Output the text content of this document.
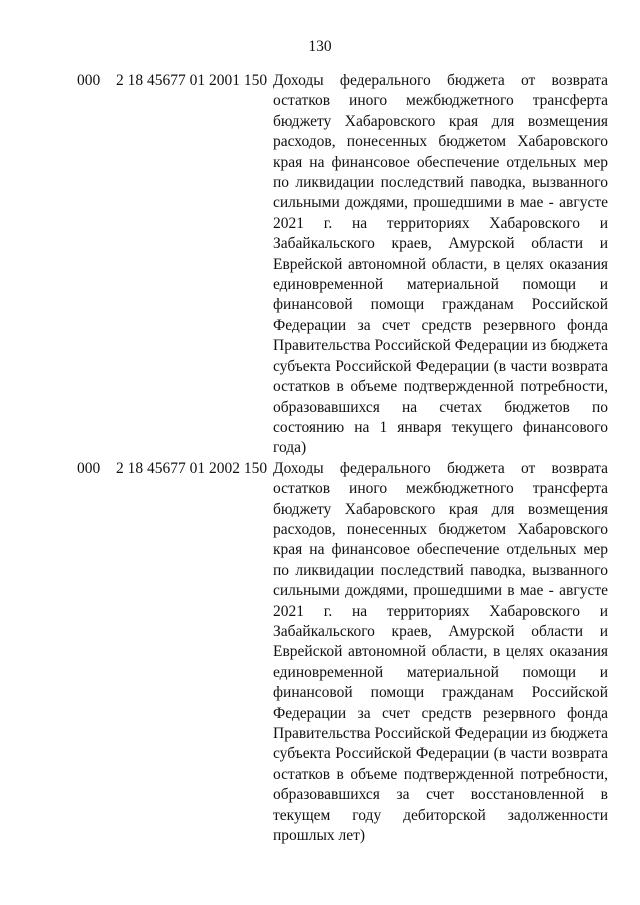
130
000 2 18 45677 01 2001 150 Доходы федерального бюджета от возврата остатков иного межбюджетного трансферта бюджету Хабаровского края для возмещения расходов, понесенных бюджетом Хабаровского края на финансовое обеспечение отдельных мер по ликвидации последствий паводка, вызванного сильными дождями, прошедшими в мае - августе 2021 г. на территориях Хабаровского и Забайкальского краев, Амурской области и Еврейской автономной области, в целях оказания единовременной материальной помощи и финансовой помощи гражданам Российской Федерации за счет средств резервного фонда Правительства Российской Федерации из бюджета субъекта Российской Федерации (в части возврата остатков в объеме подтвержденной потребности, образовавшихся на счетах бюджетов по состоянию на 1 января текущего финансового года)
000 2 18 45677 01 2002 150 Доходы федерального бюджета от возврата остатков иного межбюджетного трансферта бюджету Хабаровского края для возмещения расходов, понесенных бюджетом Хабаровского края на финансовое обеспечение отдельных мер по ликвидации последствий паводка, вызванного сильными дождями, прошедшими в мае - августе 2021 г. на территориях Хабаровского и Забайкальского краев, Амурской области и Еврейской автономной области, в целях оказания единовременной материальной помощи и финансовой помощи гражданам Российской Федерации за счет средств резервного фонда Правительства Российской Федерации из бюджета субъекта Российской Федерации (в части возврата остатков в объеме подтвержденной потребности, образовавшихся за счет восстановленной в текущем году дебиторской задолженности прошлых лет)
